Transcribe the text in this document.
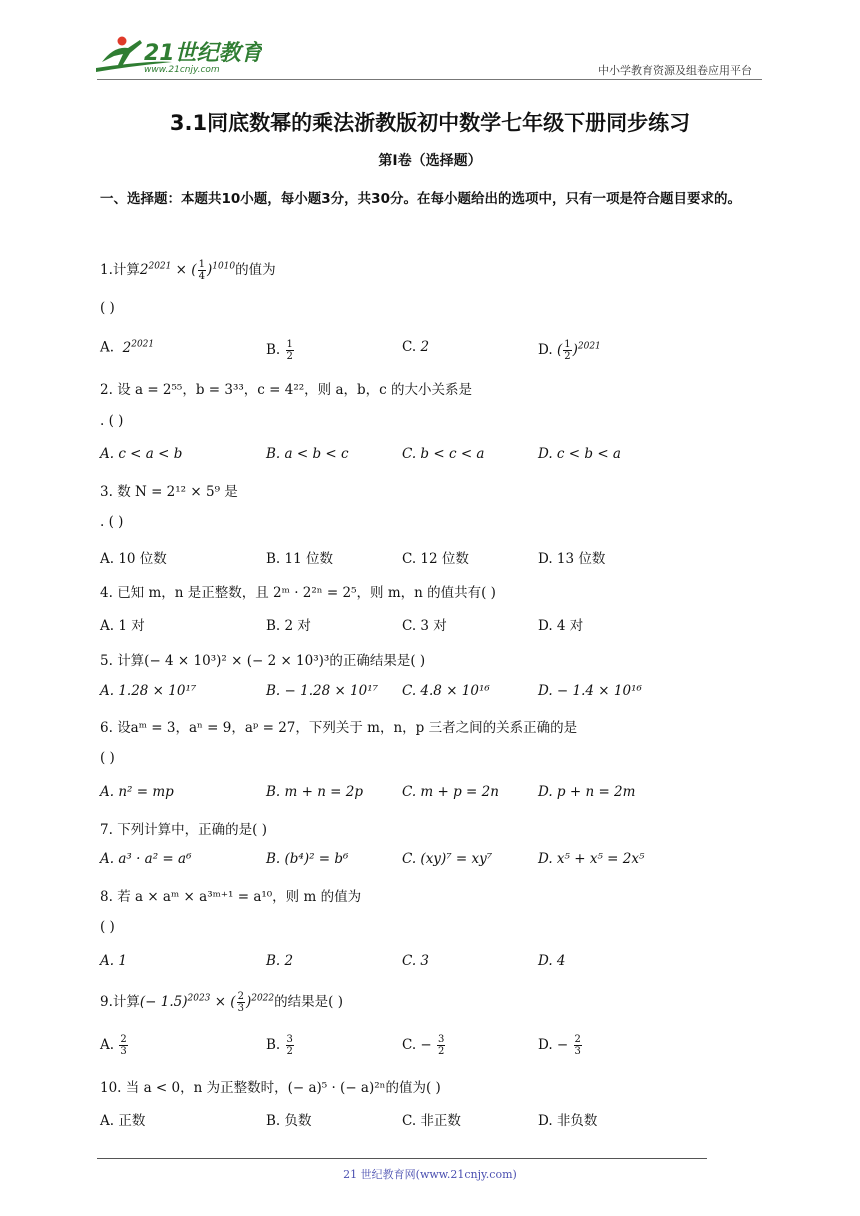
21世纪教育
www.21cnjy.com	中小学教育资源及组卷应用平台
3.1同底数幂的乘法浙教版初中数学七年级下册同步练习
第I卷（选择题）
一、选择题：本题共10小题，每小题3分，共30分。在每小题给出的选项中，只有一项是符合题目要求的。
1.计算$2^{2021}$ × ( $\frac{1}{4} )^{1010}$的值为
( )
A. $2^{2021}$	B. $\frac{1}{2}$	C. 2	D. ( $\frac{1}{2} )^{2021}$
2. 设 a = 2⁵⁵，b = 3³³，c = 4²²，则 a，b，c 的大小关系是
. ( )
A. c < a < b	B. a < b < c	C. b < c < a	D. c < b < a
3. 数 N = 2¹² × 5⁹ 是
. ( )
A. 10 位数	B. 11 位数	C. 12 位数	D. 13 位数
4. 已知 m，n 是正整数，且 2ᵐ · 2²ⁿ = 2⁵，则 m，n 的值共有( )
A. 1 对	B. 2 对	C. 3 对	D. 4 对
5. 计算(− 4 × 10³)² × (− 2 × 10³)³的正确结果是( )
A. 1.28 × 10¹⁷	B. − 1.28 × 10¹⁷ C. 4.8 × 10¹⁶	D. − 1.4 × 10¹⁶
6. 设aᵐ = 3，aⁿ = 9，aᵖ = 27，下列关于 m，n，p 三者之间的关系正确的是
( )
A. n² = mp	B. m + n = 2p	C. m + p = 2n	D. p + n = 2m
7. 下列计算中，正确的是( )
A. a³ · a² = a⁶	B. (b⁴)² = b⁶	C. (xy)⁷ = xy⁷	D. x⁵ + x⁵ = 2x⁵
8. 若 a × aᵐ × a³ᵐ⁺¹ = a¹⁰，则 m 的值为
( )
A. 1	B. 2	C. 3	D. 4
9.计算(− 1.5)$^{2023}$ × ( $\frac{2}{3} )^{2022}$的结果是( )
A. $\frac{2}{3}$	B. $\frac{3}{2}$	C. − $\frac{3}{2}$	D. − $\frac{2}{3}$
10. 当 a < 0，n 为正整数时，(− a)⁵ · (− a)²ⁿ的值为( )
A. 正数	B. 负数	C. 非正数	D. 非负数
21 世纪教育网(www.21cnjy.com)
